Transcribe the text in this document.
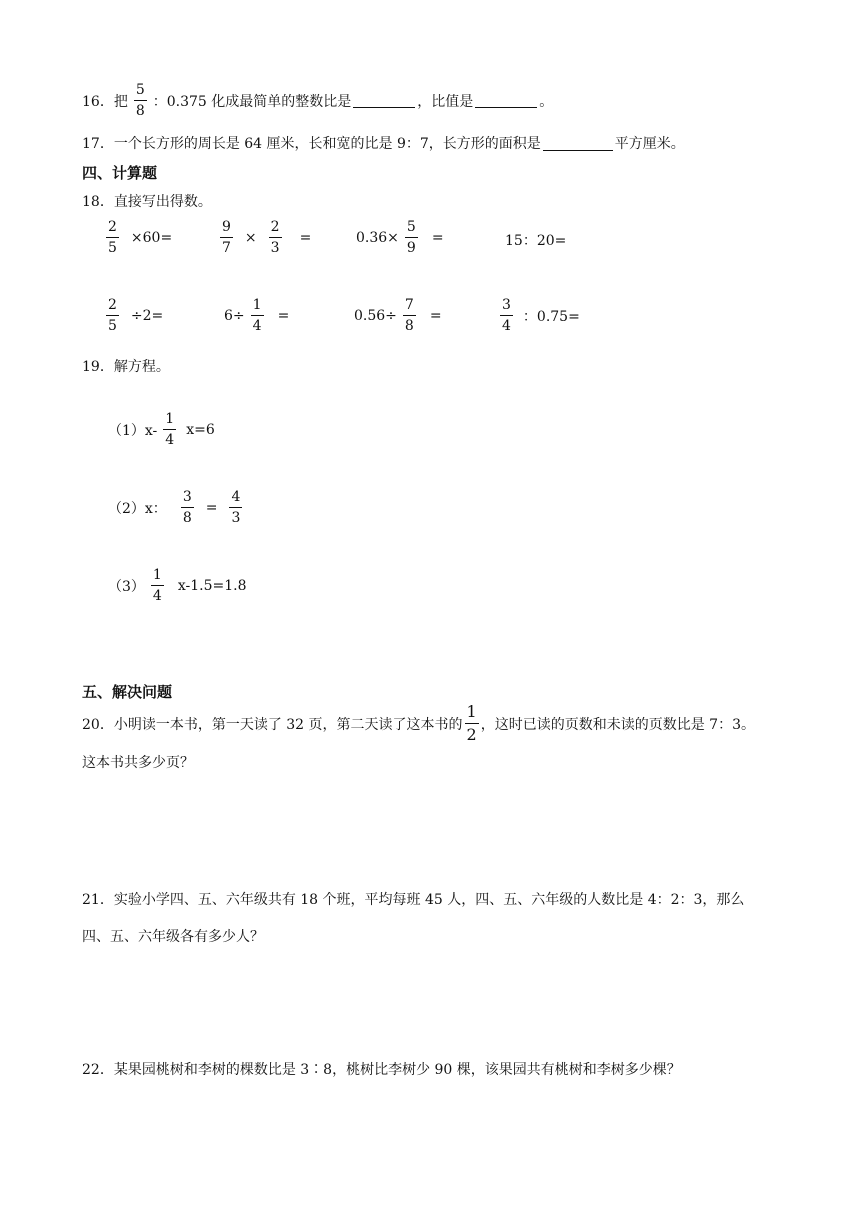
16．把 $\frac{5}{8}$ ：0.375 化成最简单的整数比是	，比值是	。
17．一个长方形的周长是 64 厘米，长和宽的比是 9：7，长方形的面积是	平方厘米。
四、计算题
18．直接写出得数。
$\frac{2}{5} \times 60=$	$\frac{9}{7} \times \frac{2}{3}$ =	$0.36\times \frac{5}{9}$ =	15：20=
$\frac{2}{5} \div 2=$	$6\div \frac{1}{4}$ =	$0.56\div \frac{7}{8}$ =	$\frac{3}{4}$ ：0.75=
19．解方程。
$(1)x- \frac{1}{4} x=6$
（2）x： $\frac{3}{8} = \frac{4}{3}$
$(3) \frac{1}{4} x-1.5=1.8$
五、解决问题
20．小明读一本书，第一天读了 32 页，第二天读了这本书的 $\frac{1}{2}$ ，这时已读的页数和未读的页数比是 7：3。
这本书共多少页？
21．实验小学四、五、六年级共有 18 个班，平均每班 45 人，四、五、六年级的人数比是 4：2：3，那么
四、五、六年级各有多少人？
22．某果园桃树和李树的棵数比是 3∶8，桃树比李树少 90 棵，该果园共有桃树和李树多少棵？
